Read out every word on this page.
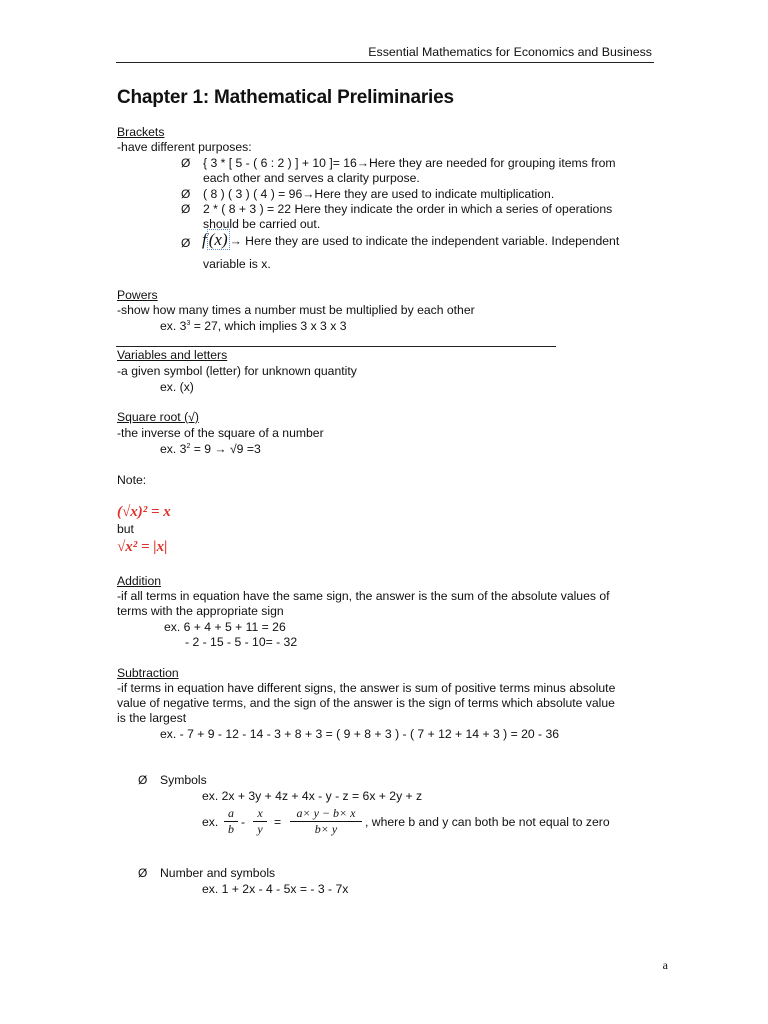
Essential Mathematics for Economics and Business
Chapter 1: Mathematical Preliminaries
Brackets
-have different purposes:
Ø { 3 * [ 5 - ( 6 : 2 ) ] + 10 ]= 16→Here they are needed for grouping items from
each other and serves a clarity purpose.
Ø ( 8 ) ( 3 ) ( 4 ) = 96→Here they are used to indicate multiplication.
Ø 2 * ( 8 + 3 ) = 22 Here they indicate the order in which a series of operations
should be carried out.
Ø f (x) → Here they are used to indicate the independent variable. Independent
variable is x.
Powers
-show how many times a number must be multiplied by each other
ex. $3^3 = 27$, which implies 3 x 3 x 3
Variables and letters
-a given symbol (letter) for unknown quantity
ex. (x)
Square root (√)
-the inverse of the square of a number
ex. $3^2 = 9 \to √9 =3$
Note:
(√x)² = x
but
√x² = |x|
Addition
-if all terms in equation have the same sign, the answer is the sum of the absolute values of
terms with the appropriate sign
ex. 6 + 4 + 5 + 11 = 26
- 2 - 15 - 5 - 10= - 32
Subtraction
-if terms in equation have different signs, the answer is sum of positive terms minus absolute
value of negative terms, and the sign of the answer is the sign of terms which absolute value
is the largest
ex. - 7 + 9 - 12 - 14 - 3 + 8 + 3 = ( 9 + 8 + 3 ) - ( 7 + 12 + 14 + 3 ) = 20 - 36
Ø Symbols
ex. 2x + 3y + 4z + 4x - y - z = 6x + 2y + z
ex. $\frac{a}{b} - \frac{x}{y} = \frac{a\times y - b\times x}{b\times y}$ , where b and y can both be not equal to zero
Ø Number and symbols
ex. 1 + 2x - 4 - 5x = - 3 - 7x
a
